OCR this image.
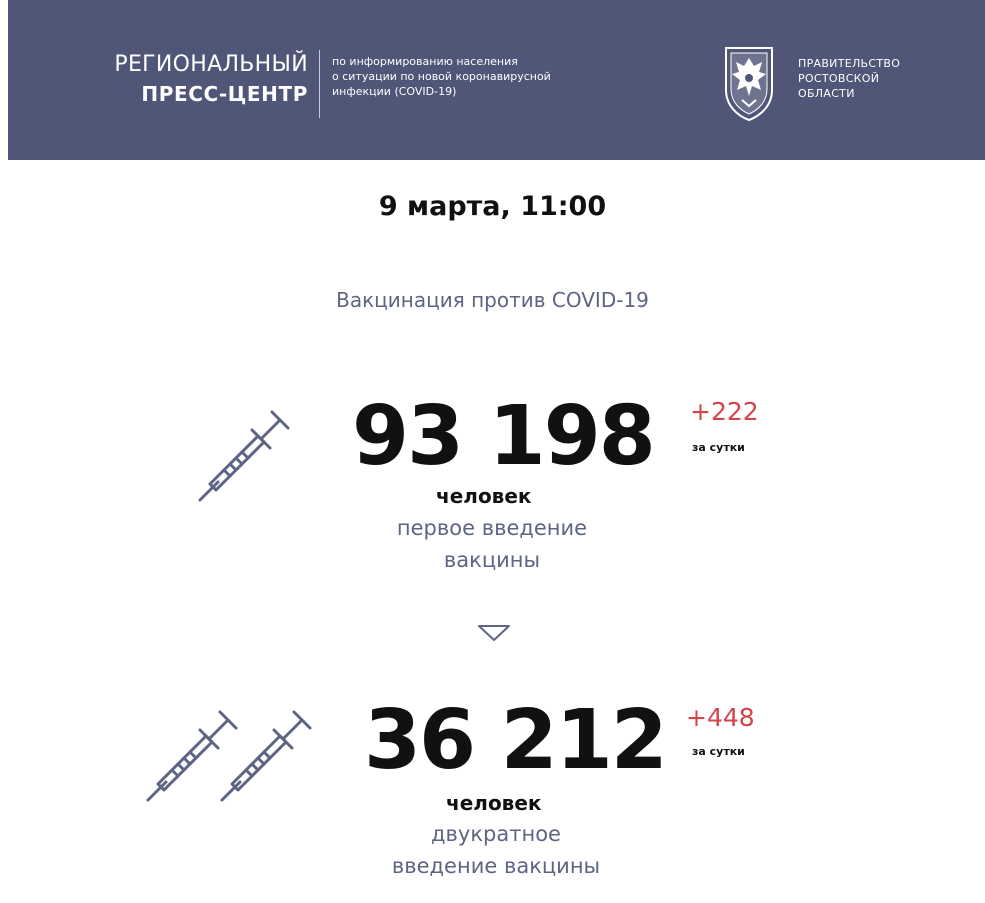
РЕГИОНАЛЬНЫЙ
ПРЕСС-ЦЕНТР
по информированию населения
о ситуации по новой коронавирусной
инфекции (COVID-19)
ПРАВИТЕЛЬСТВО
РОСТОВСКОЙ
ОБЛАСТИ
9 марта, 11:00
Вакцинация против COVID-19
93 198 +222
за сутки
человек
первое введение
вакцины
36 212 +448
за сутки
человек
двукратное
введение вакцины
